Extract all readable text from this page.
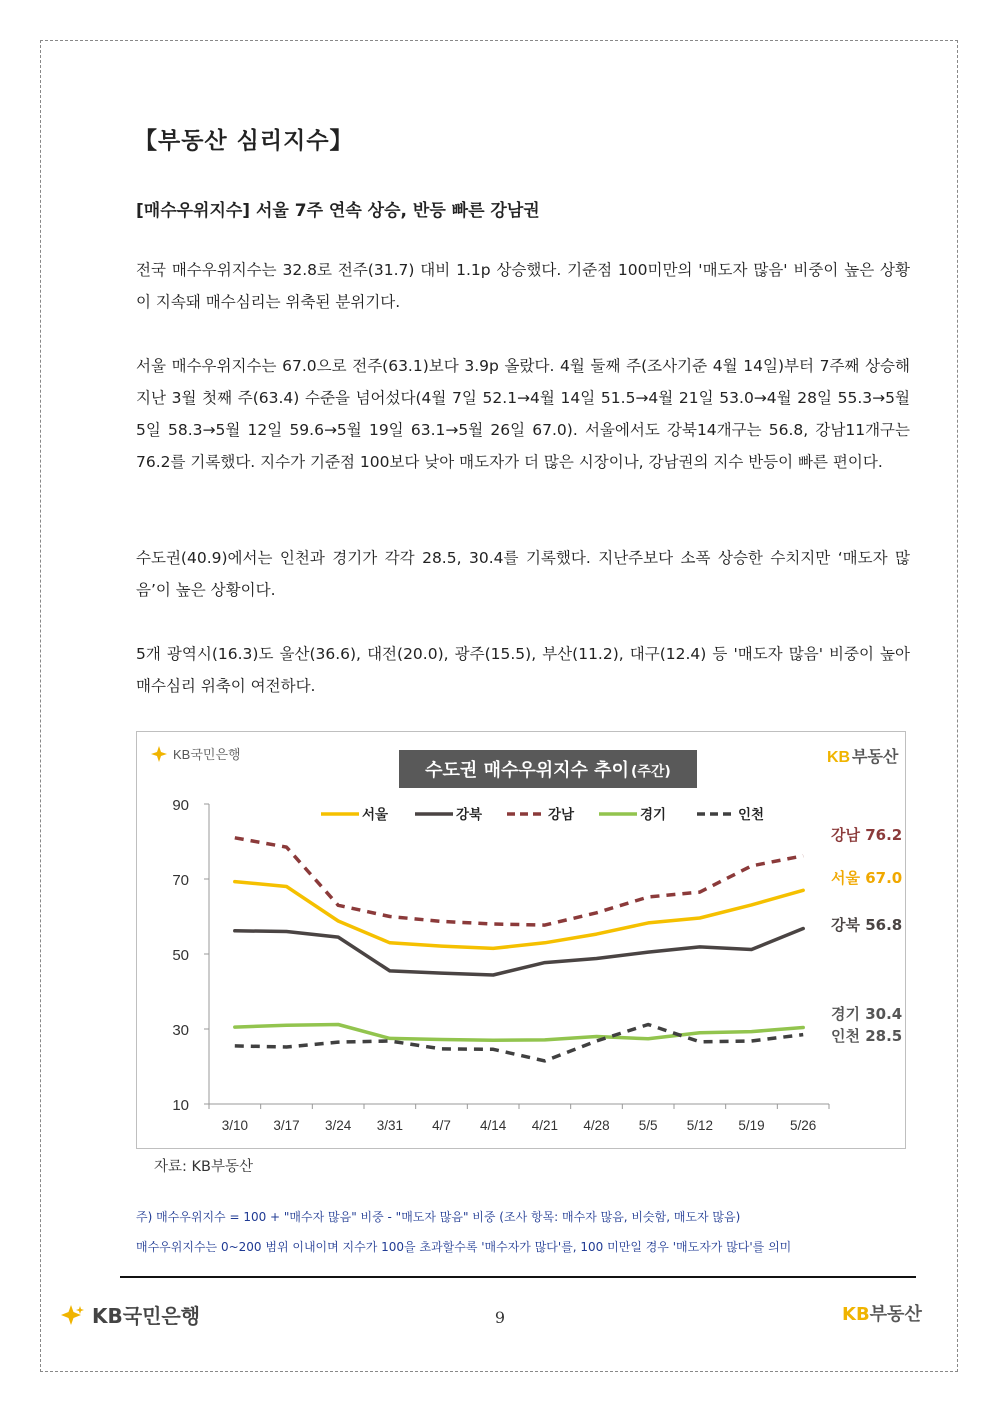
【부동산 심리지수】
[매수우위지수] 서울 7주 연속 상승, 반등 빠른 강남권

전국 매수우위지수는 32.8로 전주(31.7) 대비 1.1p 상승했다. 기준점 100미만의 '매도자 많음' 비중이 높은 상황이 지속돼 매수심리는 위축된 분위기다.

서울 매수우위지수는 67.0으로 전주(63.1)보다 3.9p 올랐다. 4월 둘째 주(조사기준 4월 14일)부터 7주째 상승해 지난 3월 첫째 주(63.4) 수준을 넘어섰다(4월 7일 52.1→4월 14일 51.5→4월 21일 53.0→4월 28일 55.3→5월 5일 58.3→5월 12일 59.6→5월 19일 63.1→5월 26일 67.0). 서울에서도 강북14개구는 56.8, 강남11개구는 76.2를 기록했다. 지수가 기준점 100보다 낮아 매도자가 더 많은 시장이나, 강남권의 지수 반등이 빠른 편이다.

수도권(40.9)에서는 인천과 경기가 각각 28.5, 30.4를 기록했다. 지난주보다 소폭 상승한 수치지만 ‘매도자 많음’이 높은 상황이다.

5개 광역시(16.3)도 울산(36.6), 대전(20.0), 광주(15.5), 부산(11.2), 대구(12.4) 등 '매도자 많음' 비중이 높아 매수심리 위축이 여전하다.

KB국민은행	KB 부동산
수도권 매수우위지수 추이 (주간)
10
30
50
70
90
3/10 3/17 3/24 3/31 4/7 4/14 4/21 4/28 5/5 5/12 5/19 5/26
서울	강북	강남	경기	인천
강남 76.2
서울 67.0
강북 56.8
경기 30.4
인천 28.5
자료: KB부동산
주) 매수우위지수 = 100 + "매수자 많음" 비중 - "매도자 많음" 비중 (조사 항목: 매수자 많음, 비슷함, 매도자 많음)
매수우위지수는 0~200 범위 이내이며 지수가 100을 초과할수록 '매수자가 많다'를, 100 미만일 경우 '매도자가 많다'를 의미
KB국민은행	9	KB부동산
